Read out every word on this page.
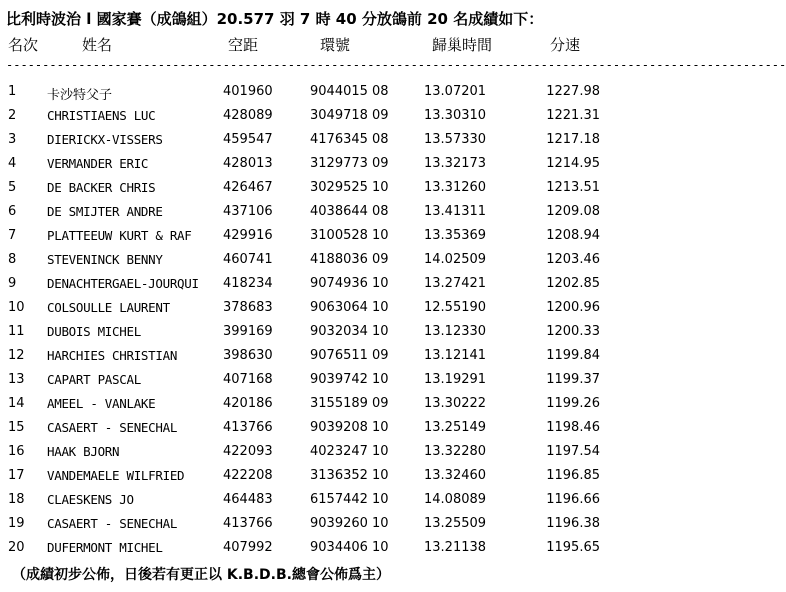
比利時波治 l 國家賽（成鴿組）20.577 羽 7 時 40 分放鴿前 20 名成績如下：
名次	姓名	空距	環號	歸巢時間	分速
------------------------------------------------------------------------------------------------------------
1 卡沙特父子	401960	9044015 08	13.07201	1227.98
2 CHRISTIAENS LUC	428089	3049718 09	13.30310	1221.31
3 DIERICKX-VISSERS	459547	4176345 08	13.57330	1217.18
4 VERMANDER ERIC	428013	3129773 09	13.32173	1214.95
5 DE BACKER CHRIS	426467	3029525 10	13.31260	1213.51
6 DE SMIJTER ANDRE	437106	4038644 08	13.41311	1209.08
7 PLATTEEUW KURT & RAF 429916	3100528 10	13.35369	1208.94
8 STEVENINCK BENNY	460741	4188036 09	14.02509	1203.46
9 DENACHTERGAEL-JOURQUI 418234	9074936 10	13.27421	1202.85
10 COLSOULLE LAURENT	378683	9063064 10	12.55190	1200.96
11 DUBOIS MICHEL	399169	9032034 10	13.12330	1200.33
12 HARCHIES CHRISTIAN	398630	9076511 09	13.12141	1199.84
13 CAPART PASCAL	407168	9039742 10	13.19291	1199.37
14 AMEEL - VANLAKE	420186	3155189 09	13.30222	1199.26
15 CASAERT - SENECHAL	413766	9039208 10	13.25149	1198.46
16 HAAK BJORN	422093	4023247 10	13.32280	1197.54
17 VANDEMAELE WILFRIED	422208	3136352 10	13.32460	1196.85
18 CLAESKENS JO	464483	6157442 10	14.08089	1196.66
19 CASAERT - SENECHAL	413766	9039260 10	13.25509	1196.38
20 DUFERMONT MICHEL	407992	9034406 10	13.21138	1195.65
（成績初步公佈，日後若有更正以 K.B.D.B.總會公佈爲主）
